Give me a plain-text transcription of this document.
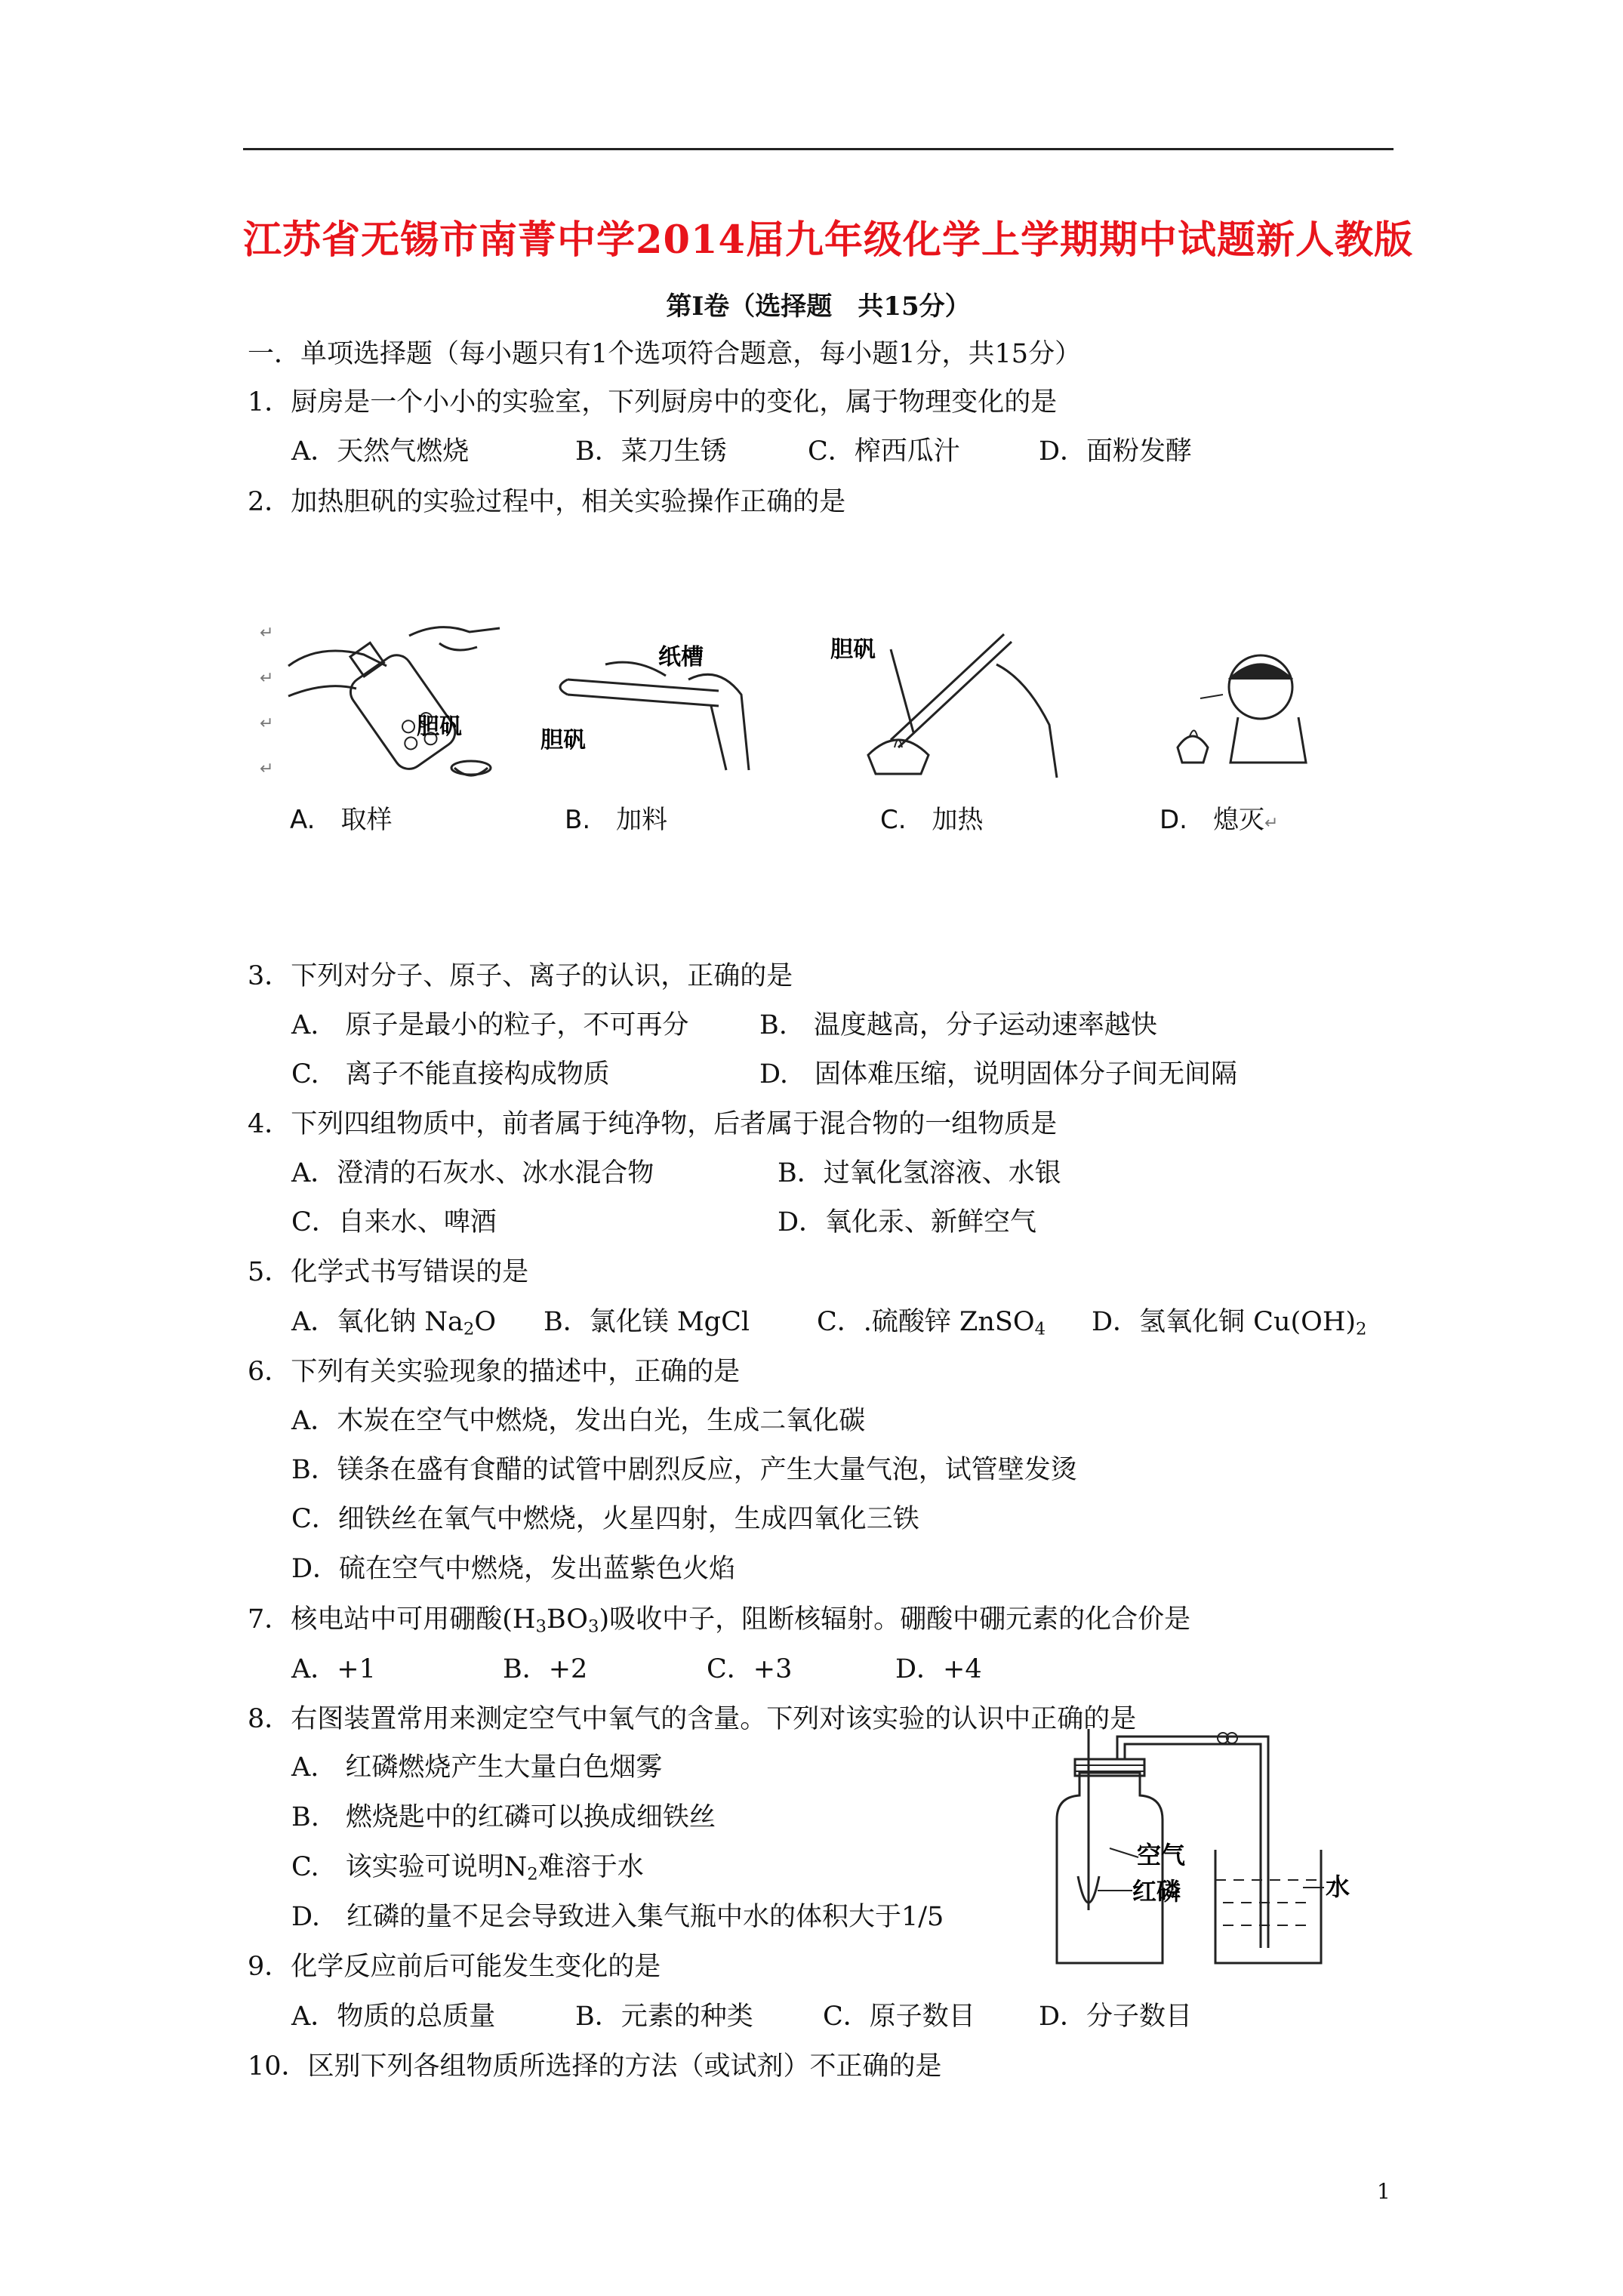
江苏省无锡市南菁中学2014届九年级化学上学期期中试题新人教版
第Ⅰ卷（选择题　共15分）
一．单项选择题（每小题只有1个选项符合题意，每小题1分，共15分）
1．厨房是一个小小的实验室，下列厨房中的变化，属于物理变化的是
A．天然气燃烧	B．菜刀生锈	C．榨西瓜汁	D．面粉发酵
2．加热胆矾的实验过程中，相关实验操作正确的是
↵
↵
↵
↵
胆矾
纸槽
胆矾
胆矾
A.　取样	B.　加料	C.　加热	D.　熄灭↵
3．下列对分子、原子、离子的认识，正确的是
A.　原子是最小的粒子，不可再分	B.　温度越高，分子运动速率越快
C.　离子不能直接构成物质	D.　固体难压缩，说明固体分子间无间隔
4．下列四组物质中，前者属于纯净物，后者属于混合物的一组物质是
A．澄清的石灰水、冰水混合物	B．过氧化氢溶液、水银
C．自来水、啤酒	D．氧化汞、新鲜空气
5．化学式书写错误的是
A．氧化钠 $Na_2O$ B．氯化镁 MgCl	C．.硫酸锌 ZnSO$_4$ D．氢氧化铜 $Cu(OH)_2$
6．下列有关实验现象的描述中，正确的是
A．木炭在空气中燃烧，发出白光，生成二氧化碳
B．镁条在盛有食醋的试管中剧烈反应，产生大量气泡，试管壁发烫
C．细铁丝在氧气中燃烧，火星四射，生成四氧化三铁
D．硫在空气中燃烧，发出蓝紫色火焰
7．核电站中可用硼酸$(H_3BO_3)$吸收中子，阻断核辐射。硼酸中硼元素的化合价是
A．+1	B．+2	C．+3	D．+4
8．右图装置常用来测定空气中氧气的含量。下列对该实验的认识中正确的是
A.　红磷燃烧产生大量白色烟雾
B.　燃烧匙中的红磷可以换成细铁丝
C.　该实验可说明$N_2$难溶于水
D.　红磷的量不足会导致进入集气瓶中水的体积大于1/5
空气
红磷	水
9．化学反应前后可能发生变化的是
A．物质的总质量	B．元素的种类	C．原子数目 D．分子数目
10．区别下列各组物质所选择的方法（或试剂）不正确的是
1
